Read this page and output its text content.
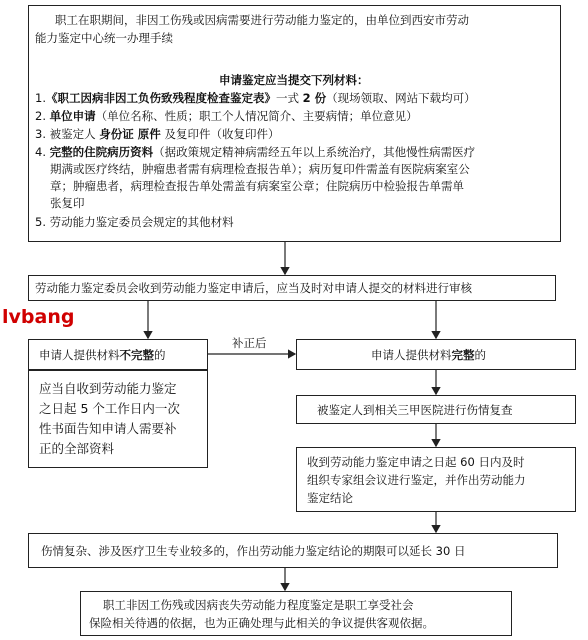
职工在职期间，非因工伤残或因病需要进行劳动能力鉴定的，由单位到西安市劳动
能力鉴定中心统一办理手续
申请鉴定应当提交下列材料：
1.《职工因病非因工负伤致残程度检查鉴定表》一式 2 份（现场领取、网站下载均可）
2. 单位申请（单位名称、性质；职工个人情况简介、主要病情；单位意见）
3. 被鉴定人 身份证 原件 及复印件（收复印件）
4. 完整的住院病历资料（据政策规定精神病需经五年以上系统治疗，其他慢性病需医疗
期满或医疗终结，肿瘤患者需有病理检查报告单）；病历复印件需盖有医院病案室公
章；肿瘤患者，病理检查报告单处需盖有病案室公章；住院病历中检验报告单需单
张复印
5. 劳动能力鉴定委员会规定的其他材料
劳动能力鉴定委员会收到劳动能力鉴定申请后，应当及时对申请人提交的材料进行审核
lvbang
申请人提供材料不完整的
应当自收到劳动能力鉴定
之日起 5 个工作日内一次
性书面告知申请人需要补
正的全部资料
补正后
申请人提供材料完整的
被鉴定人到相关三甲医院进行伤情复查
收到劳动能力鉴定申请之日起 60 日内及时
组织专家组会议进行鉴定，并作出劳动能力
鉴定结论
伤情复杂、涉及医疗卫生专业较多的，作出劳动能力鉴定结论的期限可以延长 30 日
职工非因工伤残或因病丧失劳动能力程度鉴定是职工享受社会
保险相关待遇的依据，也为正确处理与此相关的争议提供客观依据。
